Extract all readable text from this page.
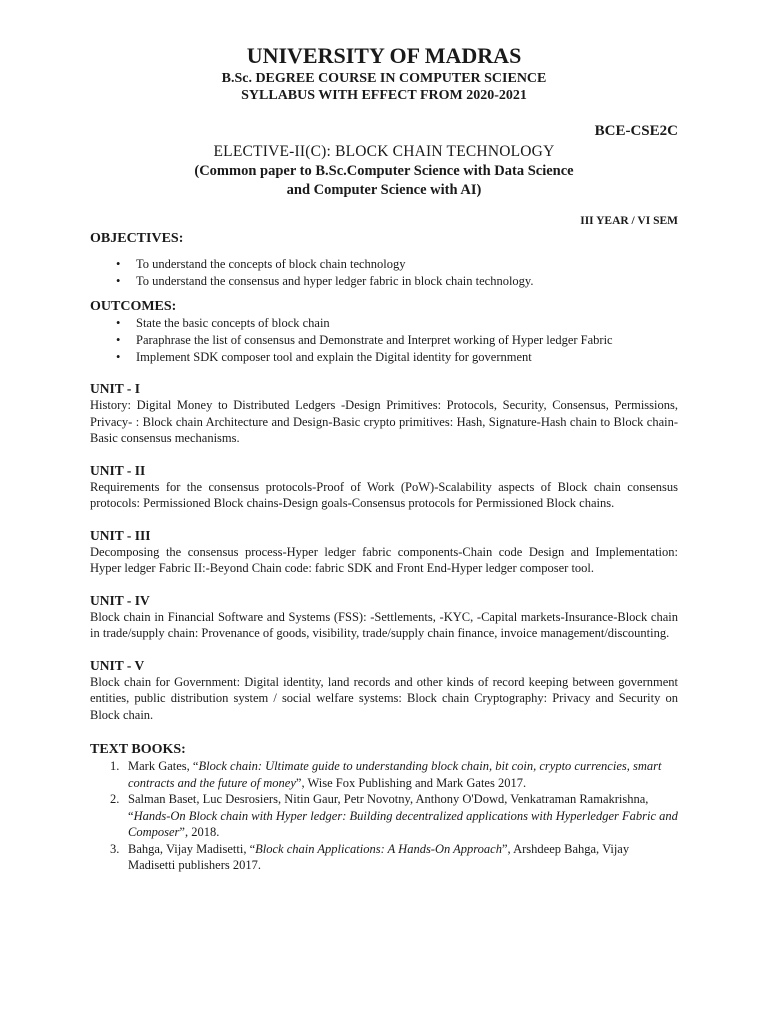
UNIVERSITY OF MADRAS

B.Sc. DEGREE COURSE IN COMPUTER SCIENCE

SYLLABUS WITH EFFECT FROM 2020-2021

BCE-CSE2C

ELECTIVE-II(C): BLOCK CHAIN TECHNOLOGY

(Common paper to B.Sc.Computer Science with Data Science

and Computer Science with AI)

III YEAR / VI SEM
OBJECTIVES:
• To understand the concepts of block chain technology
• To understand the consensus and hyper ledger fabric in block chain technology.
OUTCOMES:
• State the basic concepts of block chain
• Paraphrase the list of consensus and Demonstrate and Interpret working of Hyper ledger Fabric
• Implement SDK composer tool and explain the Digital identity for government
UNIT - I

History: Digital Money to Distributed Ledgers -Design Primitives: Protocols, Security, Consensus, Permissions, Privacy- : Block chain Architecture and Design-Basic crypto primitives: Hash, Signature-Hash chain to Block chain-Basic consensus mechanisms.

UNIT - II

Requirements for the consensus protocols-Proof of Work (PoW)-Scalability aspects of Block chain consensus protocols: Permissioned Block chains-Design goals-Consensus protocols for Permissioned Block chains.

UNIT - III

Decomposing the consensus process-Hyper ledger fabric components-Chain code Design and Implementation: Hyper ledger Fabric II:-Beyond Chain code: fabric SDK and Front End-Hyper ledger composer tool.

UNIT - IV

Block chain in Financial Software and Systems (FSS): -Settlements, -KYC, -Capital markets-Insurance-Block chain in trade/supply chain: Provenance of goods, visibility, trade/supply chain finance, invoice management/discounting.

UNIT - V

Block chain for Government: Digital identity, land records and other kinds of record keeping between government entities, public distribution system / social welfare systems: Block chain Cryptography: Privacy and Security on Block chain.

TEXT BOOKS:
1. Mark Gates, “Block chain: Ultimate guide to understanding block chain, bit coin, crypto currencies, smart contracts and the future of money”, Wise Fox Publishing and Mark Gates 2017.
2. Salman Baset, Luc Desrosiers, Nitin Gaur, Petr Novotny, Anthony O'Dowd, Venkatraman Ramakrishna, “Hands-On Block chain with Hyper ledger: Building decentralized applications with Hyperledger Fabric and Composer”, 2018.
3. Bahga, Vijay Madisetti, “Block chain Applications: A Hands-On Approach”, Arshdeep Bahga, Vijay Madisetti publishers 2017.
